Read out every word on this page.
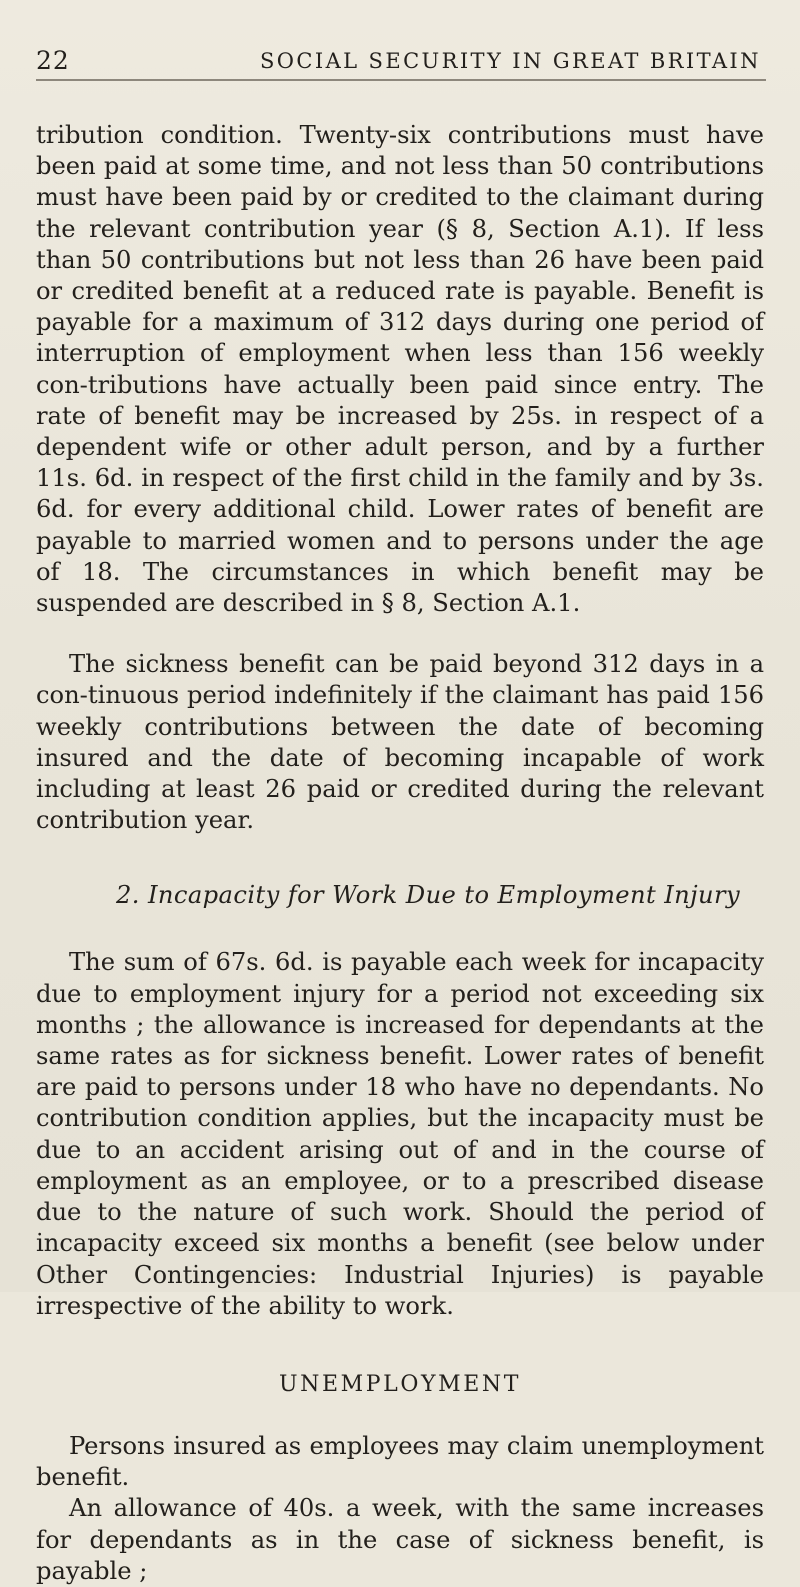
22	SOCIAL SECURITY IN GREAT BRITAIN

tribution condition. Twenty-six contributions must have been paid at some time, and not less than 50 contributions must have been paid by or credited to the claimant during the relevant contribution year (§ 8, Section A.1). If less than 50 contributions but not less than 26 have been paid or credited benefit at a reduced rate is payable. Benefit is payable for a maximum of 312 days during one period of interruption of employment when less than 156 weekly con-tributions have actually been paid since entry. The rate of benefit may be increased by 25s. in respect of a dependent wife or other adult person, and by a further 11s. 6d. in respect of the first child in the family and by 3s. 6d. for every additional child. Lower rates of benefit are payable to married women and to persons under the age of 18. The circumstances in which benefit may be suspended are described in § 8, Section A.1.

The sickness benefit can be paid beyond 312 days in a con-tinuous period indefinitely if the claimant has paid 156 weekly contributions between the date of becoming insured and the date of becoming incapable of work including at least 26 paid or credited during the relevant contribution year.

2. Incapacity for Work Due to Employment Injury

The sum of 67s. 6d. is payable each week for incapacity due to employment injury for a period not exceeding six months ; the allowance is increased for dependants at the same rates as for sickness benefit. Lower rates of benefit are paid to persons under 18 who have no dependants. No contribution condition applies, but the incapacity must be due to an accident arising out of and in the course of employment as an employee, or to a prescribed disease due to the nature of such work. Should the period of incapacity exceed six months a benefit (see below under Other Contingencies: Industrial Injuries) is payable irrespective of the ability to work.

UNEMPLOYMENT

Persons insured as employees may claim unemployment benefit.

An allowance of 40s. a week, with the same increases for dependants as in the case of sickness benefit, is payable ;
